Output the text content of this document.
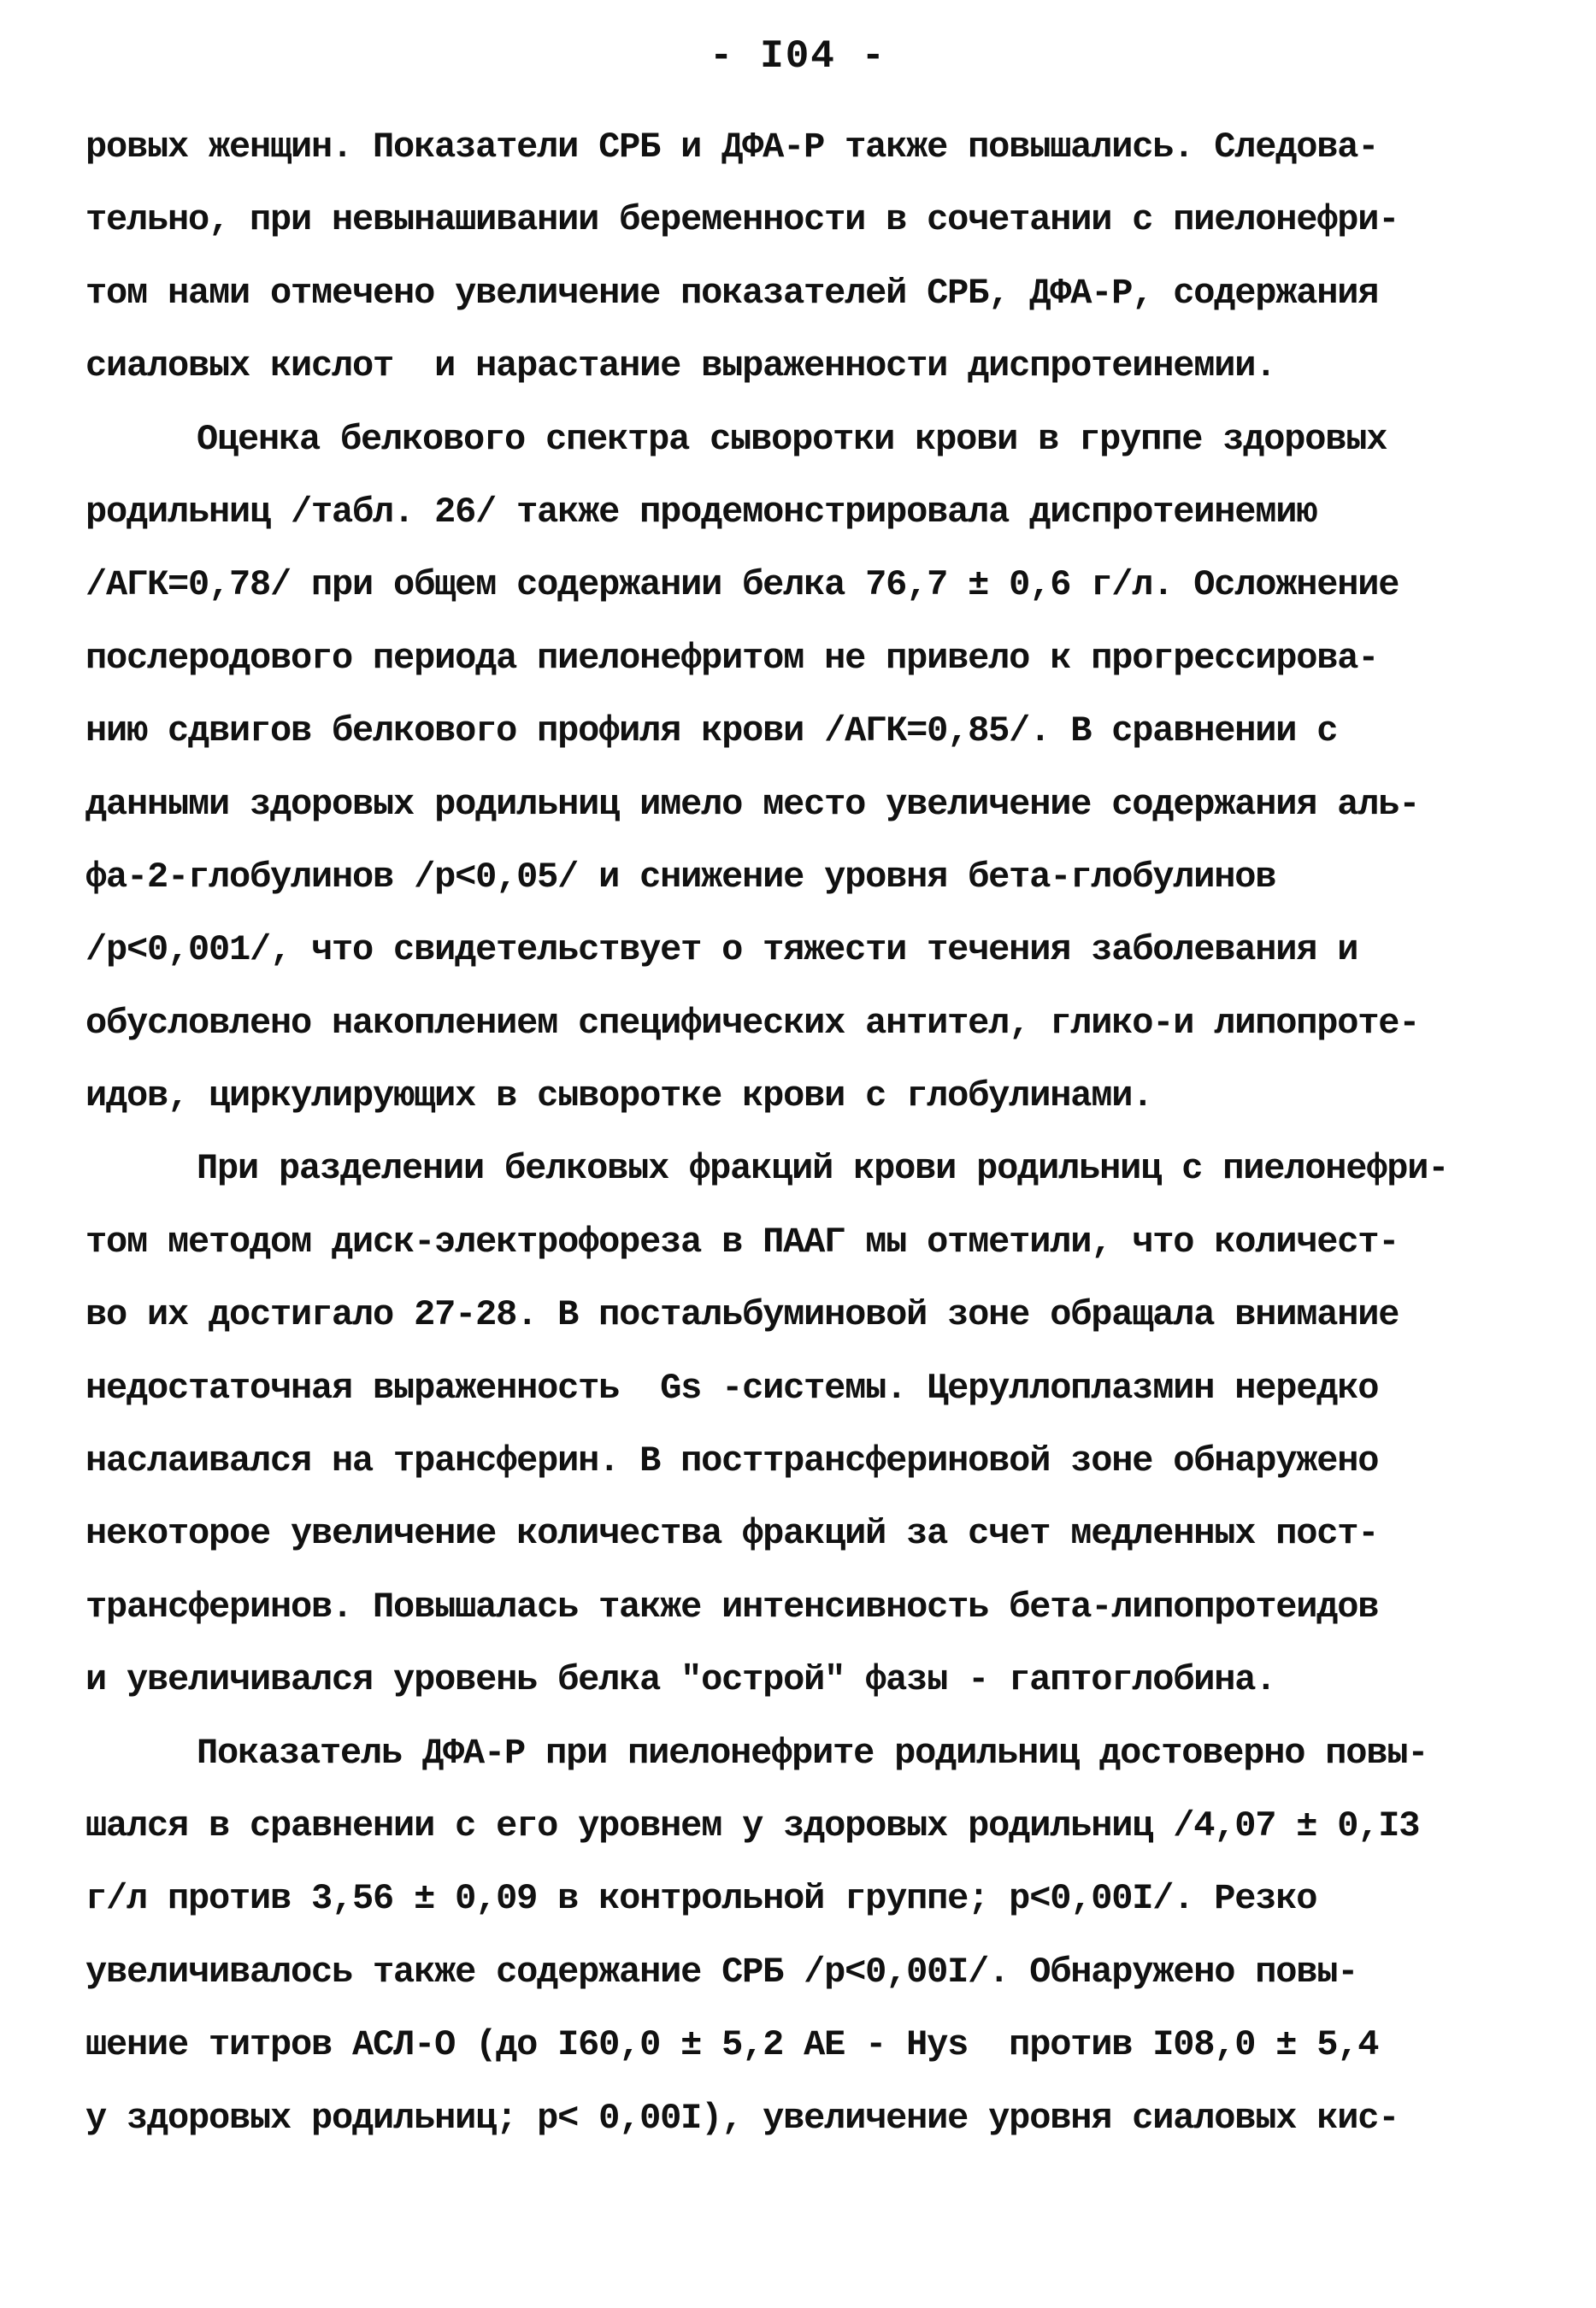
- I04 -
ровых женщин. Показатели СРБ и ДФА-Р также повышались. Следова-
тельно, при невынашивании беременности в сочетании с пиелонефри-
том нами отмечено увеличение показателей СРБ, ДФА-Р, содержания
сиаловых кислот  и нарастание выраженности диспротеинемии.
Оценка белкового спектра сыворотки крови в группе здоровых
родильниц /табл. 26/ также продемонстрировала диспротеинемию
/АГК=0,78/ при общем содержании белка 76,7 ± 0,6 г/л. Осложнение
послеродового периода пиелонефритом не привело к прогрессирова-
нию сдвигов белкового профиля крови /АГК=0,85/. В сравнении с
данными здоровых родильниц имело место увеличение содержания аль-
фа-2-глобулинов /р<0,05/ и снижение уровня бета-глобулинов
/р<0,001/, что свидетельствует о тяжести течения заболевания и
обусловлено накоплением специфических антител, глико-и липопроте-
идов, циркулирующих в сыворотке крови с глобулинами.
При разделении белковых фракций крови родильниц с пиелонефри-
том методом диск-электрофореза в ПААГ мы отметили, что количест-
во их достигало 27-28. В постальбуминовой зоне обращала внимание
недостаточная выраженность  Gs -системы. Церуллоплазмин нередко
наслаивался на трансферин. В посттрансфериновой зоне обнаружено
некоторое увеличение количества фракций за счет медленных пост-
трансферинов. Повышалась также интенсивность бета-липопротеидов
и увеличивался уровень белка "острой" фазы - гаптоглобина.
Показатель ДФА-Р при пиелонефрите родильниц достоверно повы-
шался в сравнении с его уровнем у здоровых родильниц /4,07 ± 0,I3
г/л против 3,56 ± 0,09 в контрольной группе; р<0,00I/. Резко
увеличивалось также содержание СРБ /р<0,00I/. Обнаружено повы-
шение титров АСЛ-О (до I60,0 ± 5,2 АЕ - Hys  против I08,0 ± 5,4
у здоровых родильниц; р< 0,00I), увеличение уровня сиаловых кис-
